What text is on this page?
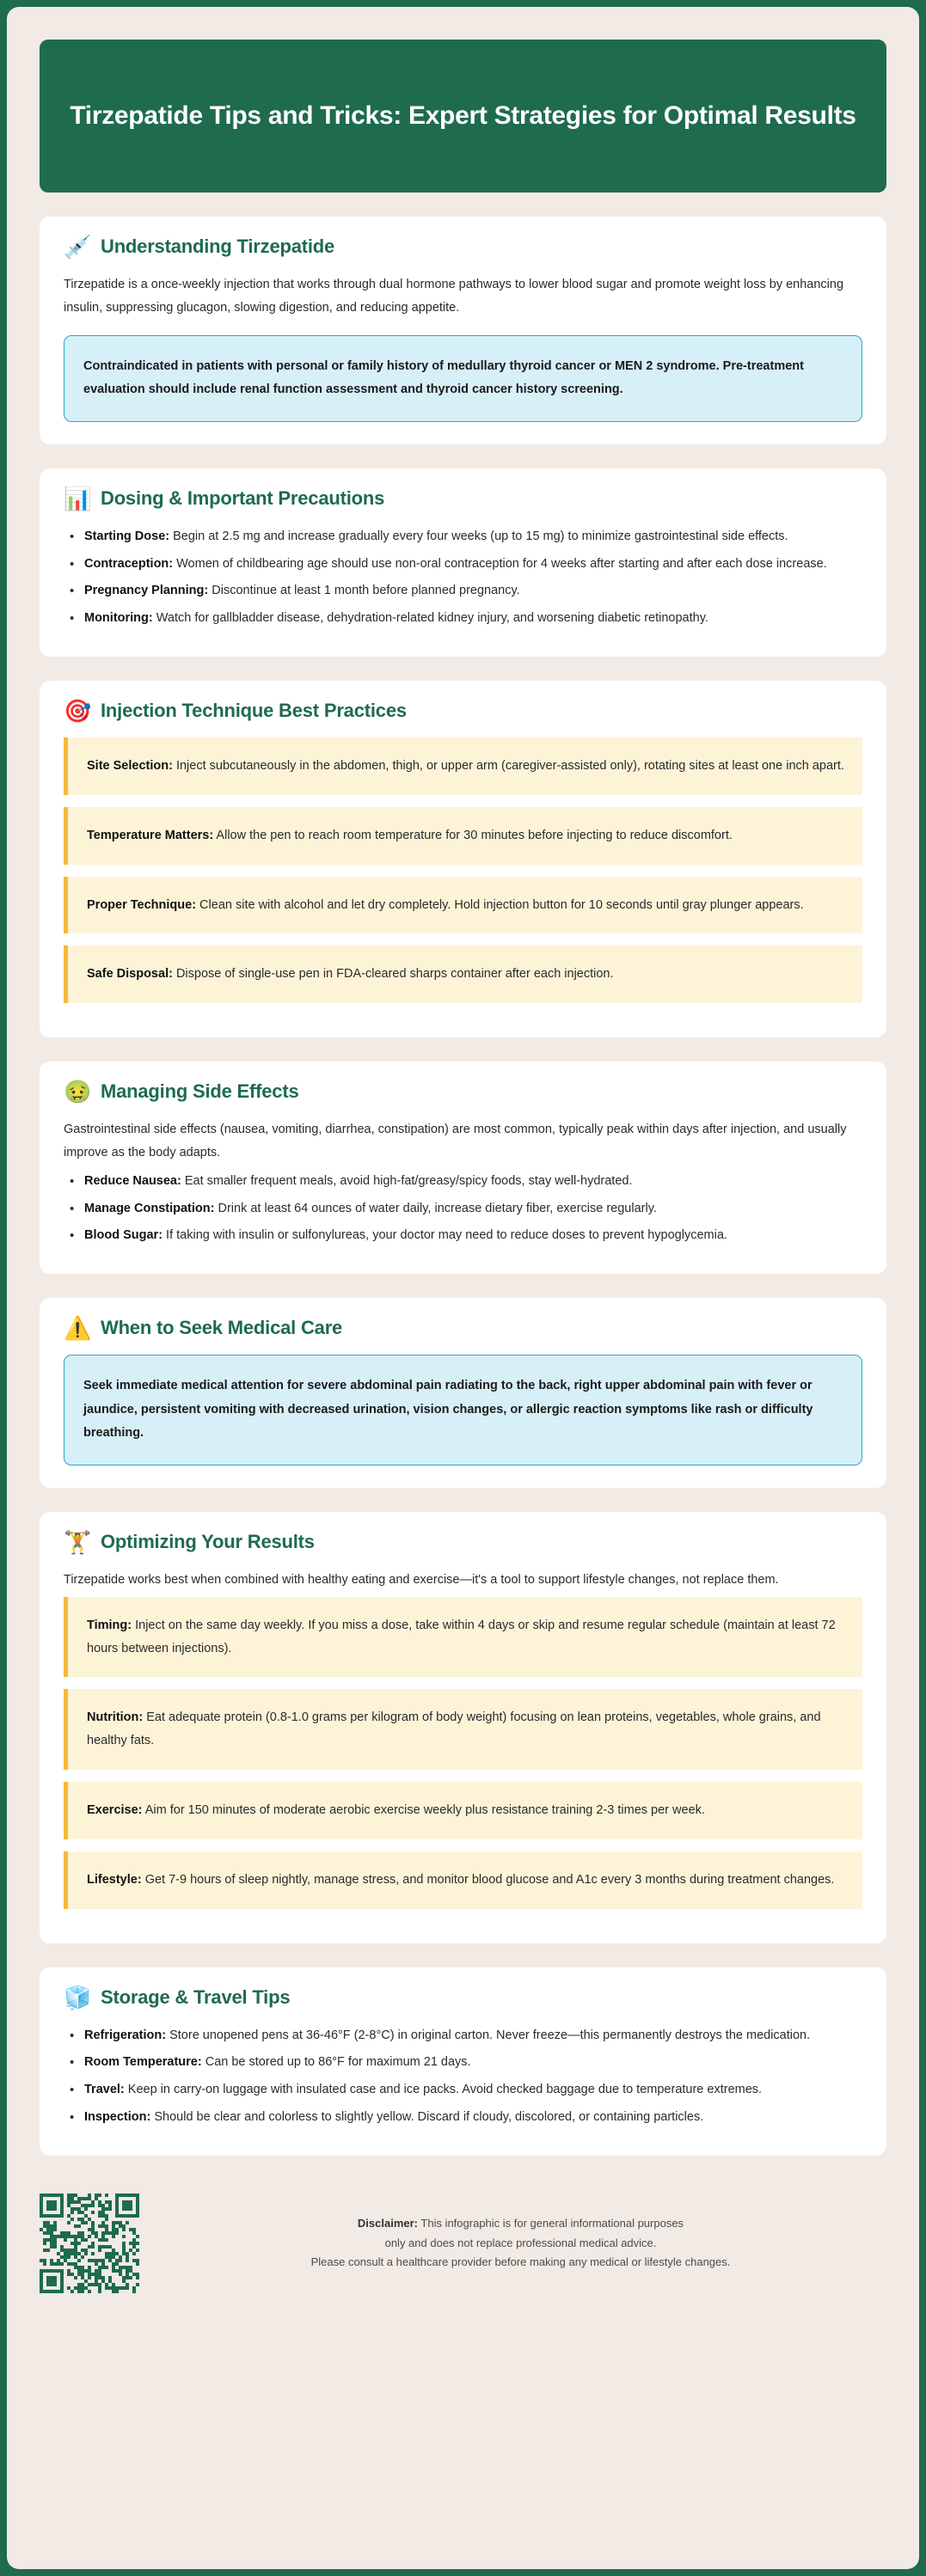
Tirzepatide Tips and Tricks: Expert Strategies for Optimal Results
💉 Understanding Tirzepatide

Tirzepatide is a once-weekly injection that works through dual hormone pathways to lower blood sugar and promote weight loss by enhancing insulin, suppressing glucagon, slowing digestion, and reducing appetite.

Contraindicated in patients with personal or family history of medullary thyroid cancer or MEN 2 syndrome. Pre-treatment evaluation should include renal function assessment and thyroid cancer history screening.
📊 Dosing & Important Precautions
• Starting Dose: Begin at 2.5 mg and increase gradually every four weeks (up to 15 mg) to minimize gastrointestinal side effects.
• Contraception: Women of childbearing age should use non-oral contraception for 4 weeks after starting and after each dose increase.
• Pregnancy Planning: Discontinue at least 1 month before planned pregnancy.
• Monitoring: Watch for gallbladder disease, dehydration-related kidney injury, and worsening diabetic retinopathy.
🎯 Injection Technique Best Practices
Site Selection: Inject subcutaneously in the abdomen, thigh, or upper arm (caregiver-assisted only), rotating sites at least one inch apart.
Temperature Matters: Allow the pen to reach room temperature for 30 minutes before injecting to reduce discomfort.
Proper Technique: Clean site with alcohol and let dry completely. Hold injection button for 10 seconds until gray plunger appears.
Safe Disposal: Dispose of single-use pen in FDA-cleared sharps container after each injection.
🤢 Managing Side Effects

Gastrointestinal side effects (nausea, vomiting, diarrhea, constipation) are most common, typically peak within days after injection, and usually improve as the body adapts.

• Reduce Nausea: Eat smaller frequent meals, avoid high-fat/greasy/spicy foods, stay well-hydrated.
• Manage Constipation: Drink at least 64 ounces of water daily, increase dietary fiber, exercise regularly.
• Blood Sugar: If taking with insulin or sulfonylureas, your doctor may need to reduce doses to prevent hypoglycemia.
⚠️ When to Seek Medical Care
Seek immediate medical attention for severe abdominal pain radiating to the back, right upper abdominal pain with fever or jaundice, persistent vomiting with decreased urination, vision changes, or allergic reaction symptoms like rash or difficulty breathing.
🏋️ Optimizing Your Results

Tirzepatide works best when combined with healthy eating and exercise—it's a tool to support lifestyle changes, not replace them.

Timing: Inject on the same day weekly. If you miss a dose, take within 4 days or skip and resume regular schedule (maintain at least 72 hours between injections).
Nutrition: Eat adequate protein (0.8-1.0 grams per kilogram of body weight) focusing on lean proteins, vegetables, whole grains, and healthy fats.
Exercise: Aim for 150 minutes of moderate aerobic exercise weekly plus resistance training 2-3 times per week.
Lifestyle: Get 7-9 hours of sleep nightly, manage stress, and monitor blood glucose and A1c every 3 months during treatment changes.
🧊 Storage & Travel Tips
• Refrigeration: Store unopened pens at 36-46°F (2-8°C) in original carton. Never freeze—this permanently destroys the medication.
• Room Temperature: Can be stored up to 86°F for maximum 21 days.
• Travel: Keep in carry-on luggage with insulated case and ice packs. Avoid checked baggage due to temperature extremes.
• Inspection: Should be clear and colorless to slightly yellow. Discard if cloudy, discolored, or containing particles.
Disclaimer: This infographic is for general informational purposes
only and does not replace professional medical advice.
Please consult a healthcare provider before making any medical or lifestyle changes.
